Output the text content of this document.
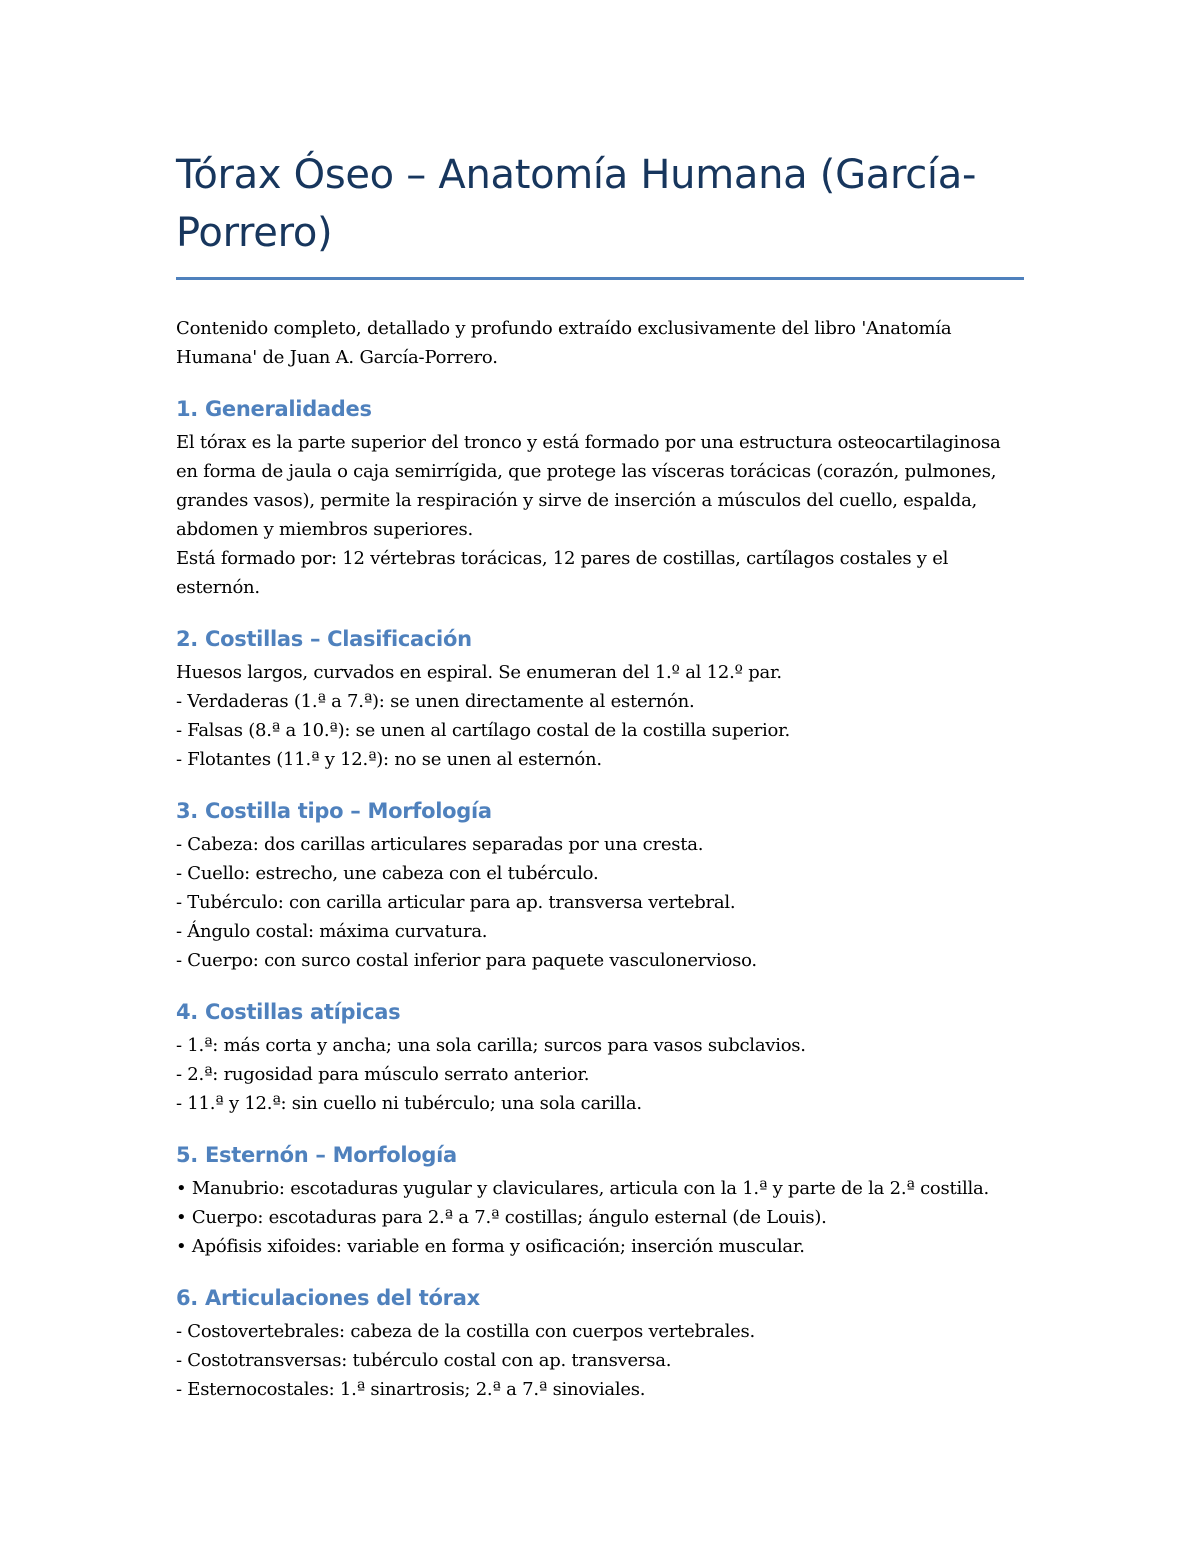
Tórax Óseo – Anatomía Humana (García-Porrero)

Contenido completo, detallado y profundo extraído exclusivamente del libro 'Anatomía Humana' de Juan A. García-Porrero.

1. Generalidades

El tórax es la parte superior del tronco y está formado por una estructura osteocartilaginosa en forma de jaula o caja semirrígida, que protege las vísceras torácicas (corazón, pulmones, grandes vasos), permite la respiración y sirve de inserción a músculos del cuello, espalda, abdomen y miembros superiores.

Está formado por: 12 vértebras torácicas, 12 pares de costillas, cartílagos costales y el esternón.

2. Costillas – Clasificación
Huesos largos, curvados en espiral. Se enumeran del 1.º al 12.º par.
- Verdaderas (1.ª a 7.ª): se unen directamente al esternón.
- Falsas (8.ª a 10.ª): se unen al cartílago costal de la costilla superior.
- Flotantes (11.ª y 12.ª): no se unen al esternón.
3. Costilla tipo – Morfología
- Cabeza: dos carillas articulares separadas por una cresta.
- Cuello: estrecho, une cabeza con el tubérculo.
- Tubérculo: con carilla articular para ap. transversa vertebral.
- Ángulo costal: máxima curvatura.
- Cuerpo: con surco costal inferior para paquete vasculonervioso.
4. Costillas atípicas
- 1.ª: más corta y ancha; una sola carilla; surcos para vasos subclavios.
- 2.ª: rugosidad para músculo serrato anterior.
- 11.ª y 12.ª: sin cuello ni tubérculo; una sola carilla.
5. Esternón – Morfología
• Manubrio: escotaduras yugular y claviculares, articula con la 1.ª y parte de la 2.ª costilla.
• Cuerpo: escotaduras para 2.ª a 7.ª costillas; ángulo esternal (de Louis).
• Apófisis xifoides: variable en forma y osificación; inserción muscular.
6. Articulaciones del tórax
- Costovertebrales: cabeza de la costilla con cuerpos vertebrales.
- Costotransversas: tubérculo costal con ap. transversa.
- Esternocostales: 1.ª sinartrosis; 2.ª a 7.ª sinoviales.
